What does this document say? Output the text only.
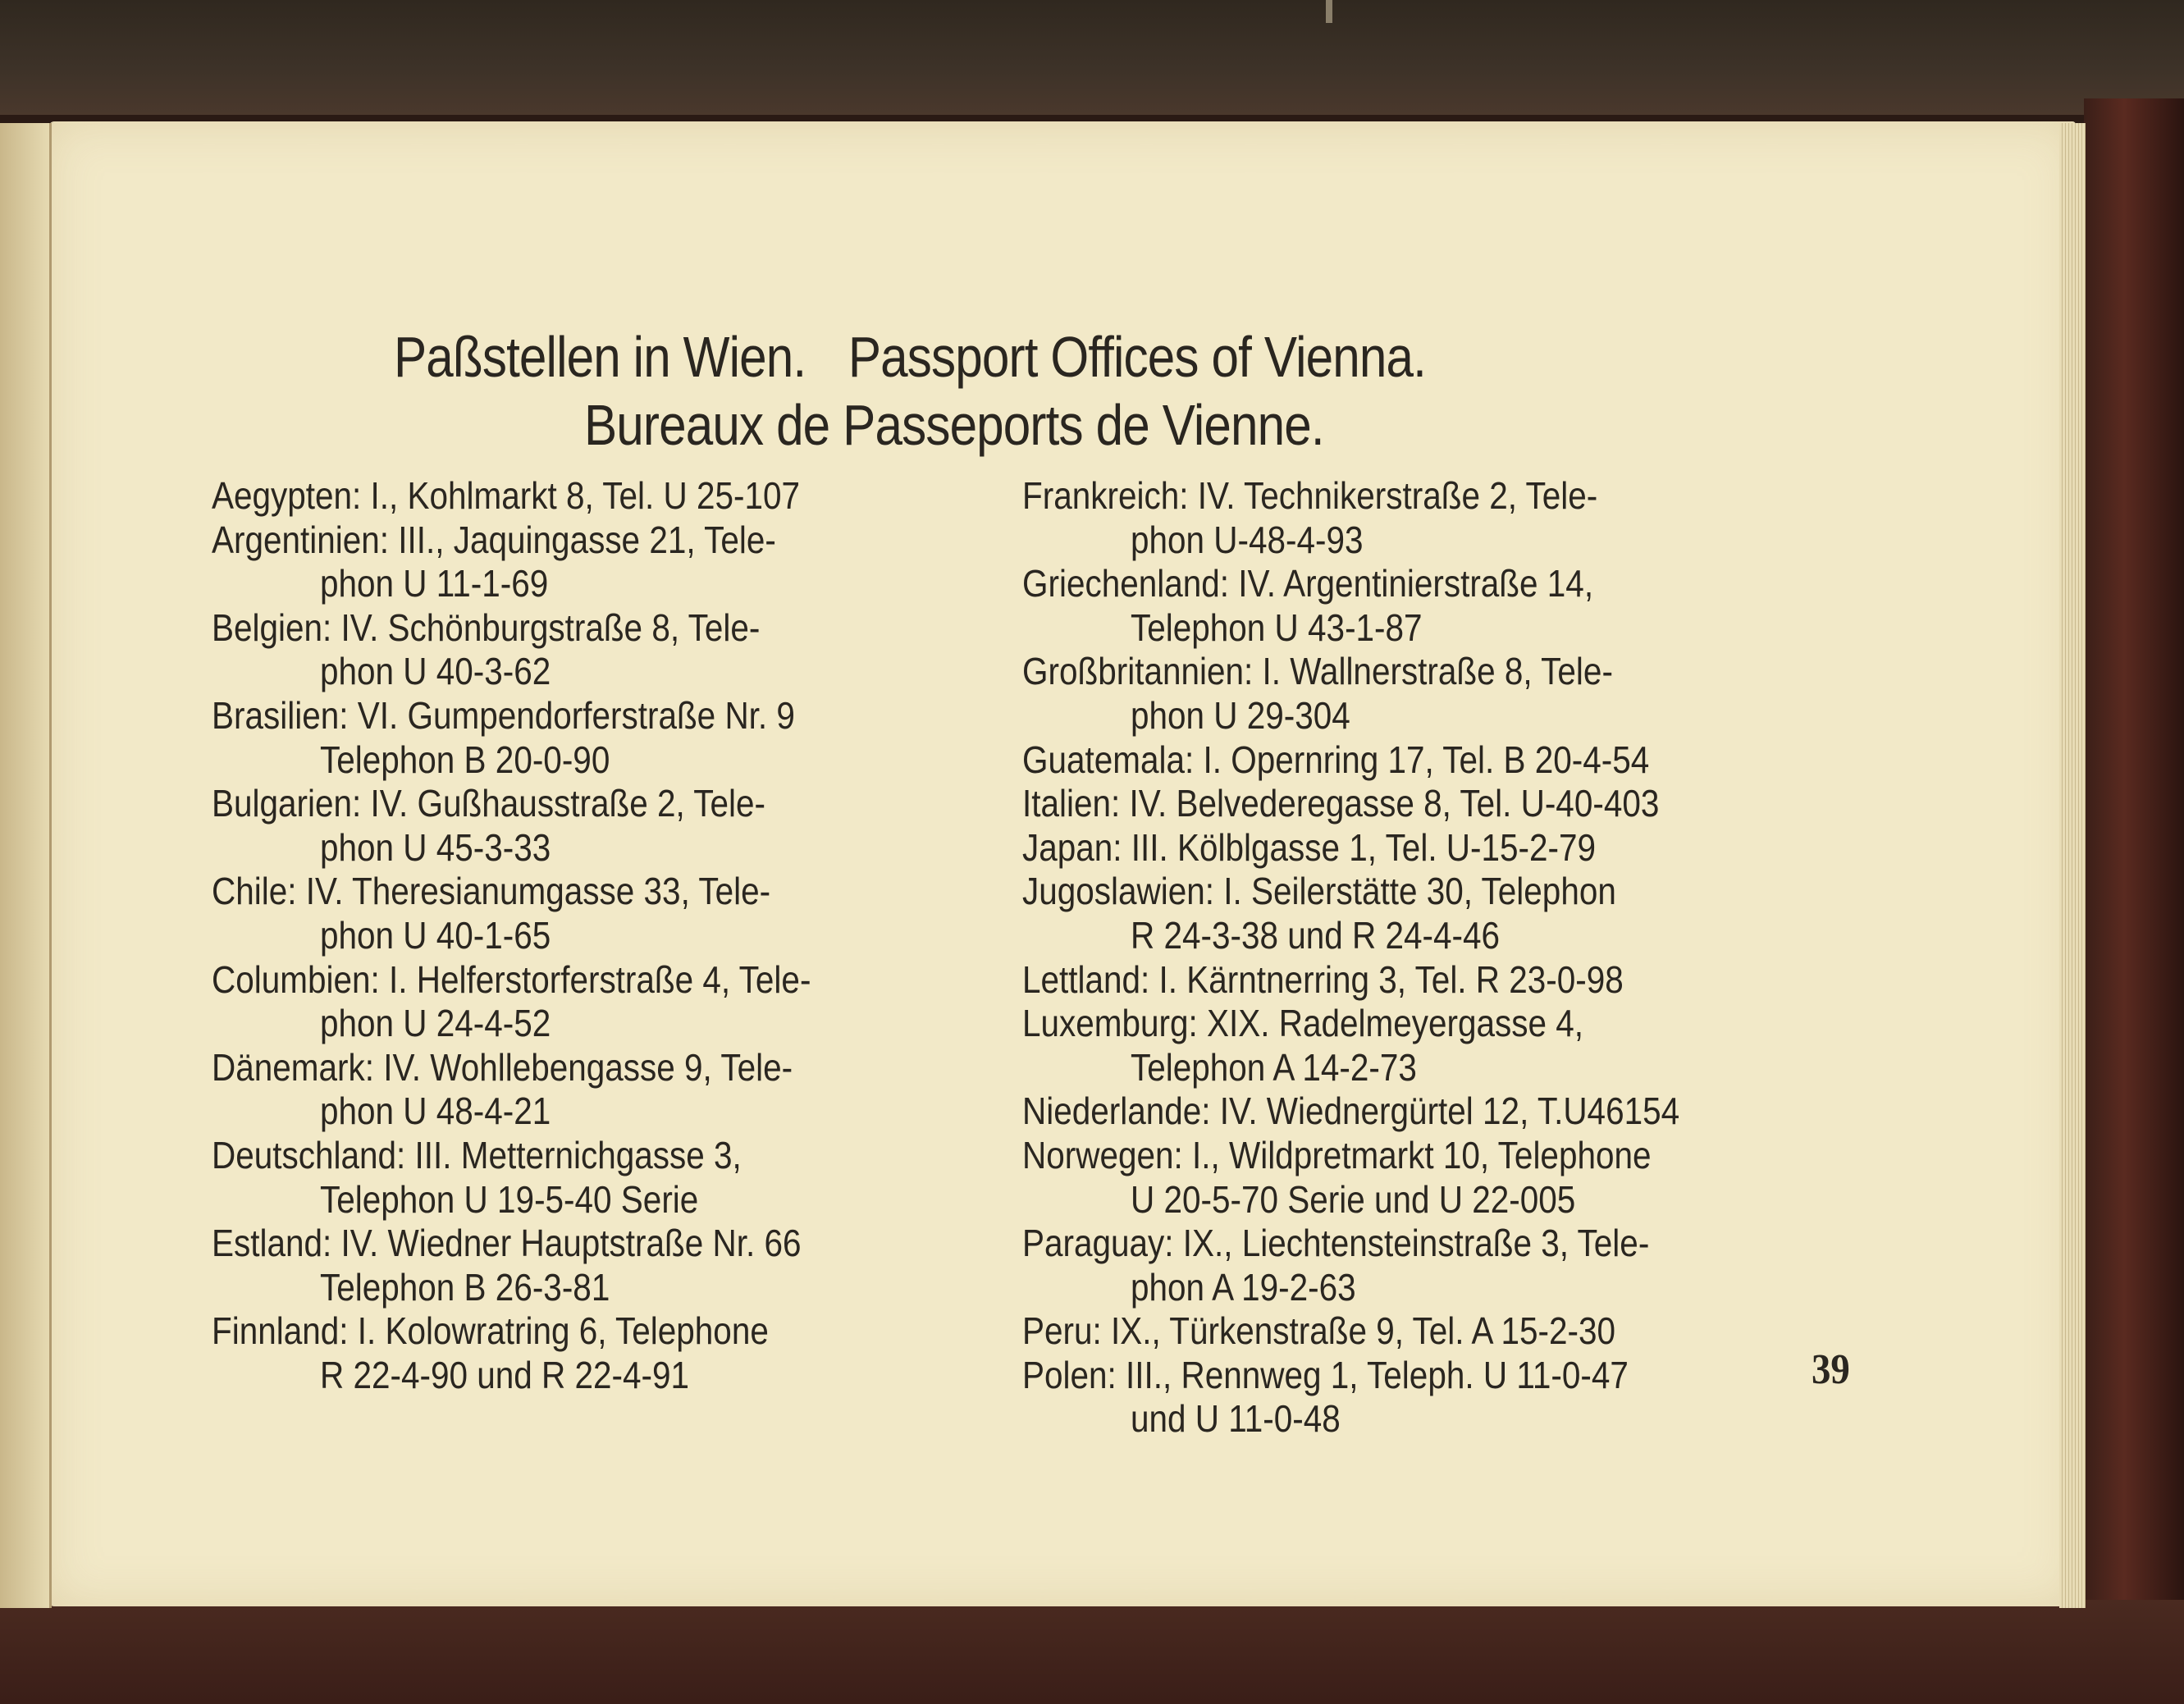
Paßstellen in Wien. Passport Offices of Vienna.
Bureaux de Passeports de Vienne.
Aegypten: I., Kohlmarkt 8, Tel. U 25-107
Argentinien: III., Jaquingasse 21, Tele-
phon U 11-1-69
Belgien: IV. Schönburgstraße 8, Tele-
phon U 40-3-62
Brasilien: VI. Gumpendorferstraße Nr. 9
Telephon B 20-0-90
Bulgarien: IV. Gußhausstraße 2, Tele-
phon U 45-3-33
Chile: IV. Theresianumgasse 33, Tele-
phon U 40-1-65
Columbien: I. Helferstorferstraße 4, Tele-
phon U 24-4-52
Dänemark: IV. Wohllebengasse 9, Tele-
phon U 48-4-21
Deutschland: III. Metternichgasse 3,
Telephon U 19-5-40 Serie
Estland: IV. Wiedner Hauptstraße Nr. 66
Telephon B 26-3-81
Finnland: I. Kolowratring 6, Telephone
R 22-4-90 und R 22-4-91
Frankreich: IV. Technikerstraße 2, Tele-
phon U-48-4-93
Griechenland: IV. Argentinierstraße 14,
Telephon U 43-1-87
Großbritannien: I. Wallnerstraße 8, Tele-
phon U 29-304
Guatemala: I. Opernring 17, Tel. B 20-4-54
Italien: IV. Belvederegasse 8, Tel. U-40-403
Japan: III. Kölblgasse 1, Tel. U-15-2-79
Jugoslawien: I. Seilerstätte 30, Telephon
R 24-3-38 und R 24-4-46
Lettland: I. Kärntnerring 3, Tel. R 23-0-98
Luxemburg: XIX. Radelmeyergasse 4,
Telephon A 14-2-73
Niederlande: IV. Wiednergürtel 12, T.U46154
Norwegen: I., Wildpretmarkt 10, Telephone
U 20-5-70 Serie und U 22-005
Paraguay: IX., Liechtensteinstraße 3, Tele-
phon A 19-2-63
Peru: IX., Türkenstraße 9, Tel. A 15-2-30
Polen: III., Rennweg 1, Teleph. U 11-0-47
und U 11-0-48
39
